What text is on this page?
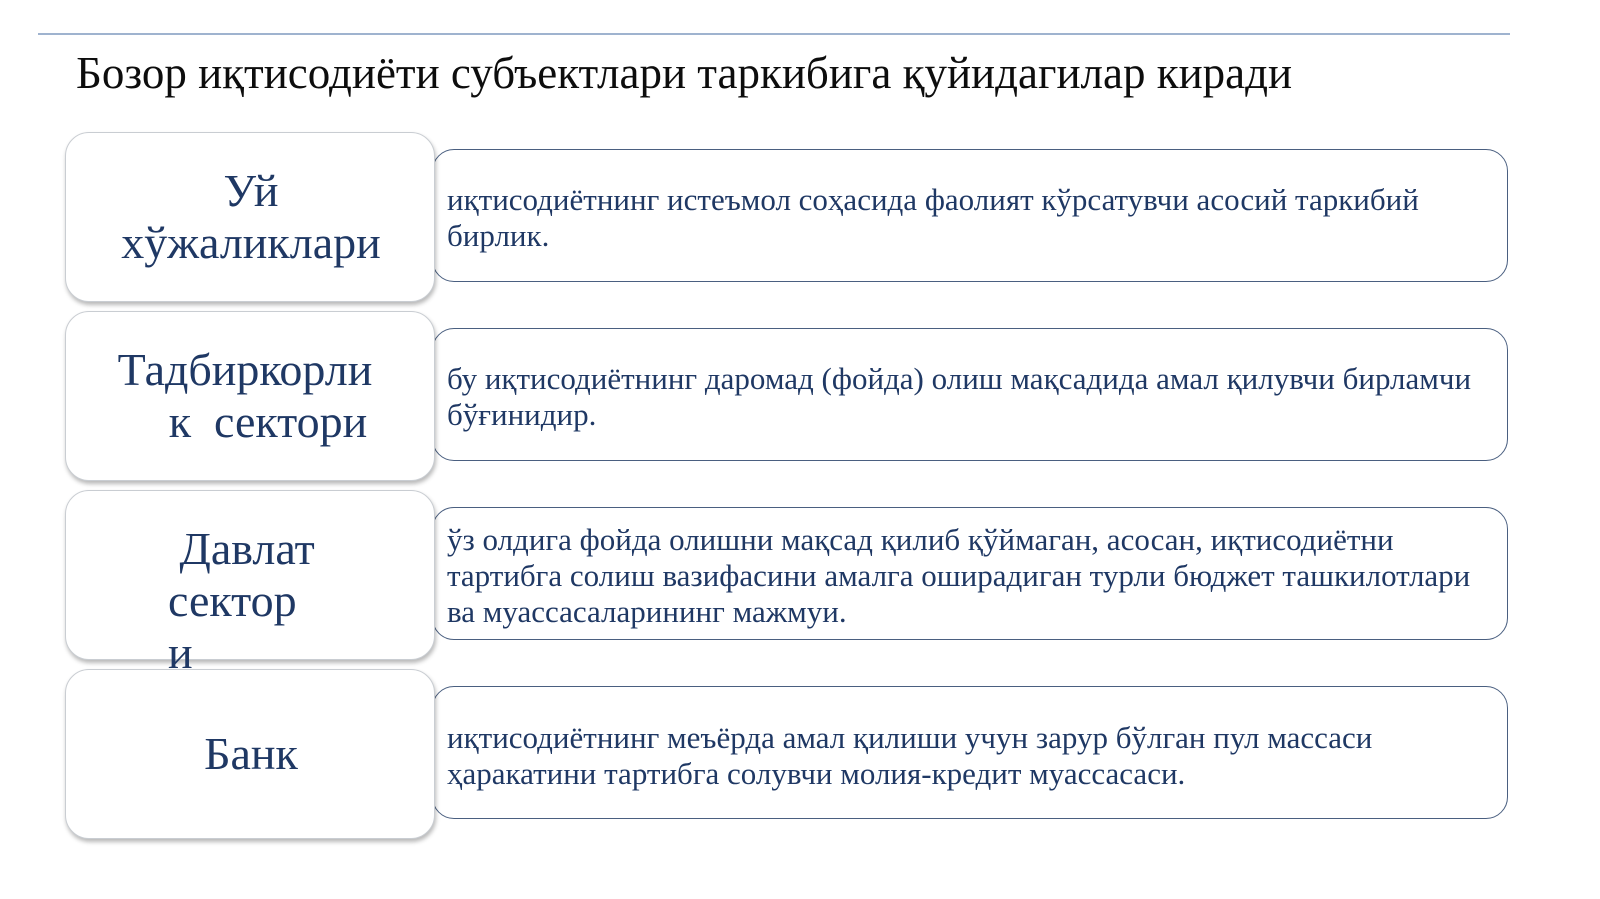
Бозор иқтисодиёти субъектлари таркибига қуйидагилар киради
иқтисодиётнинг истеъмол соҳасида фаолият кўрсатувчи асосий таркибий бирлик.
Уй
хўжаликлари
бу иқтисодиётнинг даромад (фойда) олиш мақсадида амал қилувчи бирламчи бўғинидир.
Тадбиркорли
к  сектори
ўз олдига фойда олишни мақсад қилиб қўймаган, асосан, иқтисодиётни тартибга солиш вазифасини амалга оширадиган турли бюджет ташкилотлари ва муассасаларининг мажмуи.
Давлат
сектор
и
иқтисодиётнинг меъёрда амал қилиши учун зарур бўлган пул массаси ҳаракатини тартибга солувчи молия-кредит муассасаси.
Банк
